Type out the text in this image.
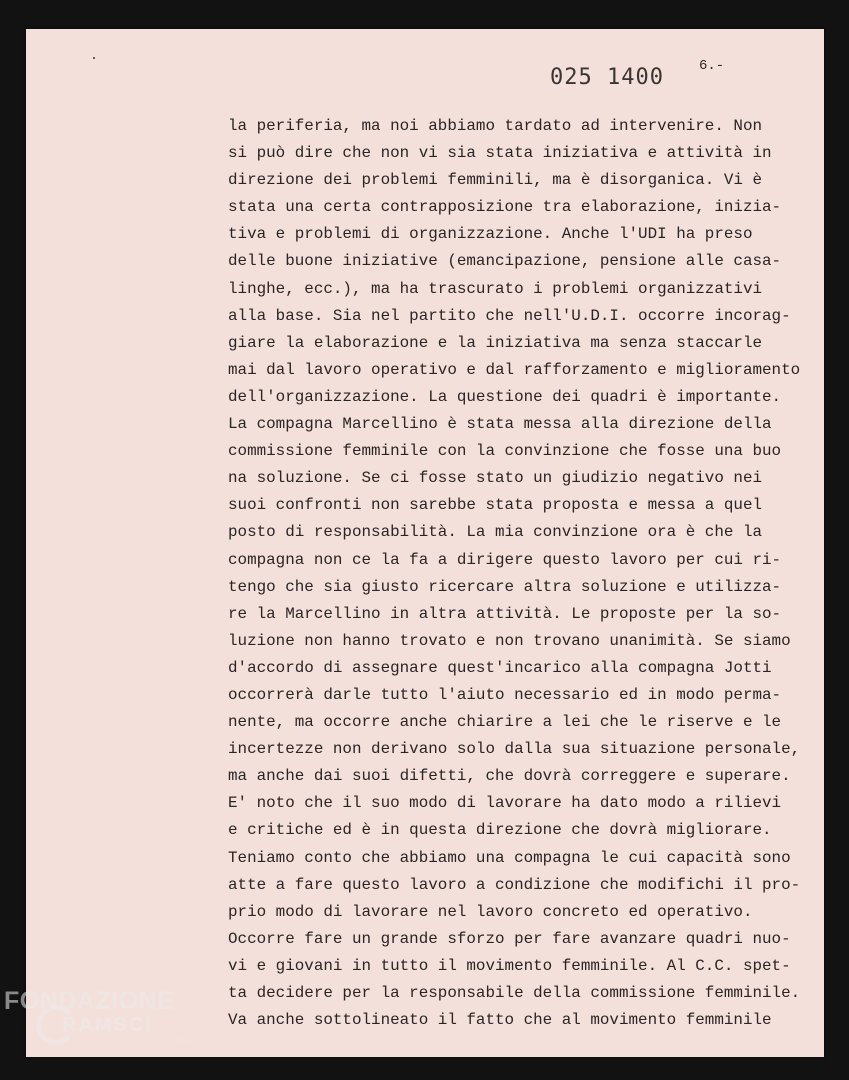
025 1400	6.-
la periferia, ma noi abbiamo tardato ad intervenire. Non
si può dire che non vi sia stata iniziativa e attività in
direzione dei problemi femminili, ma è disorganica. Vi è
stata una certa contrapposizione tra elaborazione, inizia-
tiva e problemi di organizzazione. Anche l'UDI ha preso
delle buone iniziative (emancipazione, pensione alle casa-
linghe, ecc.), ma ha trascurato i problemi organizzativi
alla base. Sia nel partito che nell'U.D.I. occorre incorag-
giare la elaborazione e la iniziativa ma senza staccarle
mai dal lavoro operativo e dal rafforzamento e miglioramento
dell'organizzazione. La questione dei quadri è importante.
La compagna Marcellino è stata messa alla direzione della
commissione femminile con la convinzione che fosse una buo
na soluzione. Se ci fosse stato un giudizio negativo nei
suoi confronti non sarebbe stata proposta e messa a quel
posto di responsabilità. La mia convinzione ora è che la
compagna non ce la fa a dirigere questo lavoro per cui ri-
tengo che sia giusto ricercare altra soluzione e utilizza-
re la Marcellino in altra attività. Le proposte per la so-
luzione non hanno trovato e non trovano unanimità. Se siamo
d'accordo di assegnare quest'incarico alla compagna Jotti
occorrerà darle tutto l'aiuto necessario ed in modo perma-
nente, ma occorre anche chiarire a lei che le riserve e le
incertezze non derivano solo dalla sua situazione personale,
ma anche dai suoi difetti, che dovrà correggere e superare.
E' noto che il suo modo di lavorare ha dato modo a rilievi
e critiche ed è in questa direzione che dovrà migliorare.
Teniamo conto che abbiamo una compagna le cui capacità sono
atte a fare questo lavoro a condizione che modifichi il pro-
prio modo di lavorare nel lavoro concreto ed operativo.
Occorre fare un grande sforzo per fare avanzare quadri nuo-
vi e giovani in tutto il movimento femminile. Al C.C. spet-
ta decidere per la responsabile della commissione femminile.
Va anche sottolineato il fatto che al movimento femminile
FONDAZIONE
RAMSCI
Onlus
